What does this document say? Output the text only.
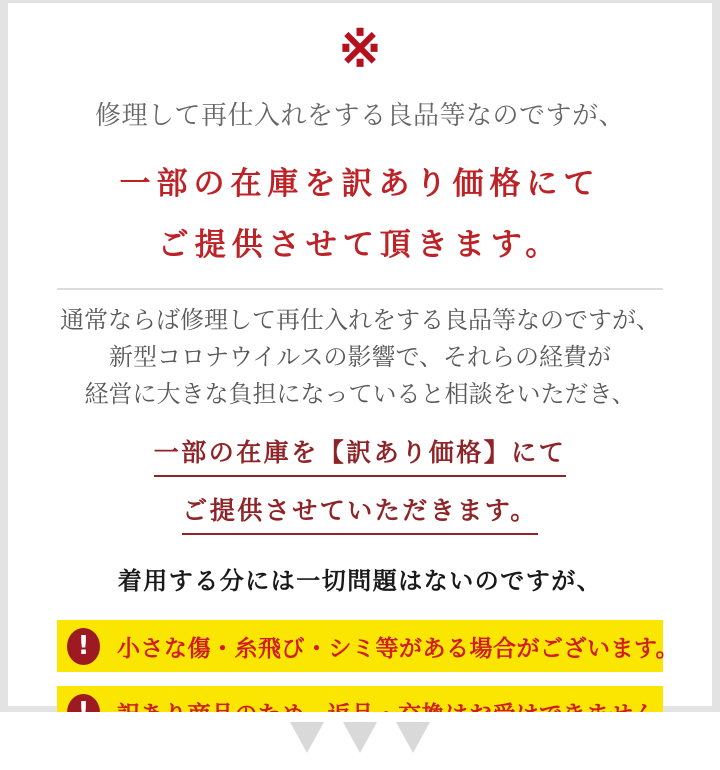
※
修理して再仕入れをする良品等なのですが、
一部の在庫を訳あり価格にて
ご提供させて頂きます。
通常ならば修理して再仕入れをする良品等なのですが、
新型コロナウイルスの影響で、それらの経費が
経営に大きな負担になっていると相談をいただき、
一部の在庫を【訳あり価格】にて
ご提供させていただきます。
着用する分には一切問題はないのですが、
!	小さな傷・糸飛び・シミ等がある場合がございます。
